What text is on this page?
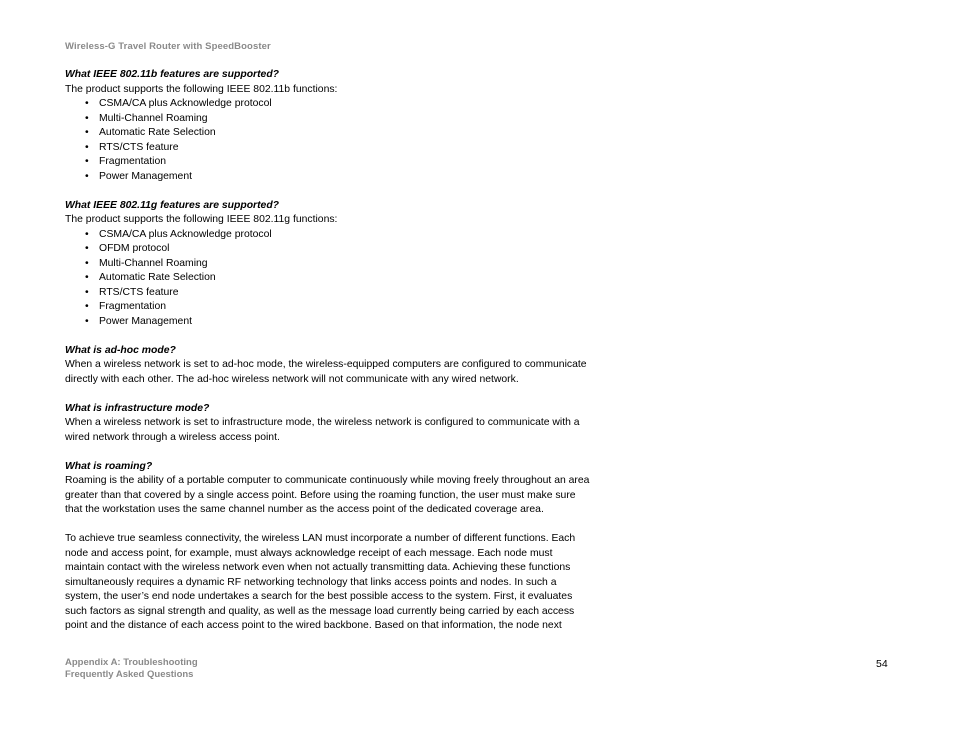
Wireless-G Travel Router with SpeedBooster

What IEEE 802.11b features are supported?

The product supports the following IEEE 802.11b functions:

• CSMA/CA plus Acknowledge protocol
• Multi-Channel Roaming
• Automatic Rate Selection
• RTS/CTS feature
• Fragmentation
• Power Management

What IEEE 802.11g features are supported?

The product supports the following IEEE 802.11g functions:

• CSMA/CA plus Acknowledge protocol
• OFDM protocol
• Multi-Channel Roaming
• Automatic Rate Selection
• RTS/CTS feature
• Fragmentation
• Power Management

What is ad-hoc mode?

When a wireless network is set to ad-hoc mode, the wireless-equipped computers are configured to communicate directly with each other. The ad-hoc wireless network will not communicate with any wired network.

What is infrastructure mode?

When a wireless network is set to infrastructure mode, the wireless network is configured to communicate with a wired network through a wireless access point.

What is roaming?

Roaming is the ability of a portable computer to communicate continuously while moving freely throughout an area greater than that covered by a single access point. Before using the roaming function, the user must make sure that the workstation uses the same channel number as the access point of the dedicated coverage area.

To achieve true seamless connectivity, the wireless LAN must incorporate a number of different functions. Each node and access point, for example, must always acknowledge receipt of each message. Each node must maintain contact with the wireless network even when not actually transmitting data. Achieving these functions simultaneously requires a dynamic RF networking technology that links access points and nodes. In such a system, the user’s end node undertakes a search for the best possible access to the system. First, it evaluates such factors as signal strength and quality, as well as the message load currently being carried by each access point and the distance of each access point to the wired backbone. Based on that information, the node next

Appendix A: Troubleshooting
Frequently Asked Questions
54
